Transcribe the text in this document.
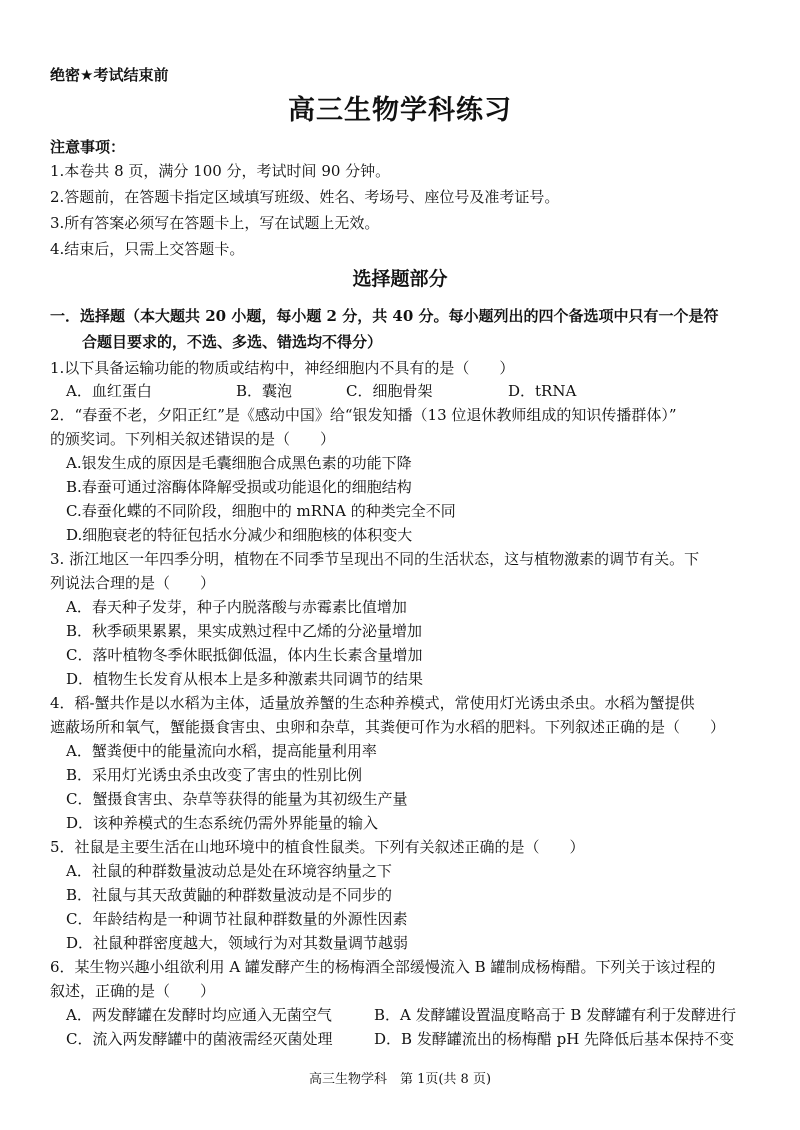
绝密★考试结束前
高三生物学科练习
注意事项：
1.本卷共 8 页，满分 100 分，考试时间 90 分钟。
2.答题前，在答题卡指定区域填写班级、姓名、考场号、座位号及准考证号。
3.所有答案必须写在答题卡上，写在试题上无效。
4.结束后，只需上交答题卡。
选择题部分
一．选择题（本大题共 20 小题，每小题 2 分，共 40 分。每小题列出的四个备选项中只有一个是符
合题目要求的，不选、多选、错选均不得分）
1.以下具备运输功能的物质或结构中，神经细胞内不具有的是（　　）
A．血红蛋白	B．囊泡	C．细胞骨架	D．tRNA
2．“春蚕不老，夕阳正红”是《感动中国》给“银发知播（13 位退休教师组成的知识传播群体）”
的颁奖词。下列相关叙述错误的是（　　）
A.银发生成的原因是毛囊细胞合成黑色素的功能下降
B.春蚕可通过溶酶体降解受损或功能退化的细胞结构
C.春蚕化蝶的不同阶段，细胞中的 mRNA 的种类完全不同
D.细胞衰老的特征包括水分减少和细胞核的体积变大
3. 浙江地区一年四季分明，植物在不同季节呈现出不同的生活状态，这与植物激素的调节有关。下
列说法合理的是（　　）
A．春天种子发芽，种子内脱落酸与赤霉素比值增加
B．秋季硕果累累，果实成熟过程中乙烯的分泌量增加
C．落叶植物冬季休眠抵御低温，体内生长素含量增加
D．植物生长发育从根本上是多种激素共同调节的结果
4．稻-蟹共作是以水稻为主体，适量放养蟹的生态种养模式，常使用灯光诱虫杀虫。水稻为蟹提供
遮蔽场所和氧气，蟹能摄食害虫、虫卵和杂草，其粪便可作为水稻的肥料。下列叙述正确的是（　　）
A．蟹粪便中的能量流向水稻，提高能量利用率
B．采用灯光诱虫杀虫改变了害虫的性别比例
C．蟹摄食害虫、杂草等获得的能量为其初级生产量
D．该种养模式的生态系统仍需外界能量的输入
5．社鼠是主要生活在山地环境中的植食性鼠类。下列有关叙述正确的是（　　）
A．社鼠的种群数量波动总是处在环境容纳量之下
B．社鼠与其天敌黄鼬的种群数量波动是不同步的
C．年龄结构是一种调节社鼠种群数量的外源性因素
D．社鼠种群密度越大，领域行为对其数量调节越弱
6．某生物兴趣小组欲利用 A 罐发酵产生的杨梅酒全部缓慢流入 B 罐制成杨梅醋。下列关于该过程的
叙述，正确的是（　　）
A．两发酵罐在发酵时均应通入无菌空气	B．A 发酵罐设置温度略高于 B 发酵罐有利于发酵进行
C．流入两发酵罐中的菌液需经灭菌处理	D．B 发酵罐流出的杨梅醋 pH 先降低后基本保持不变
高三生物学科　第 1页(共 8 页)
